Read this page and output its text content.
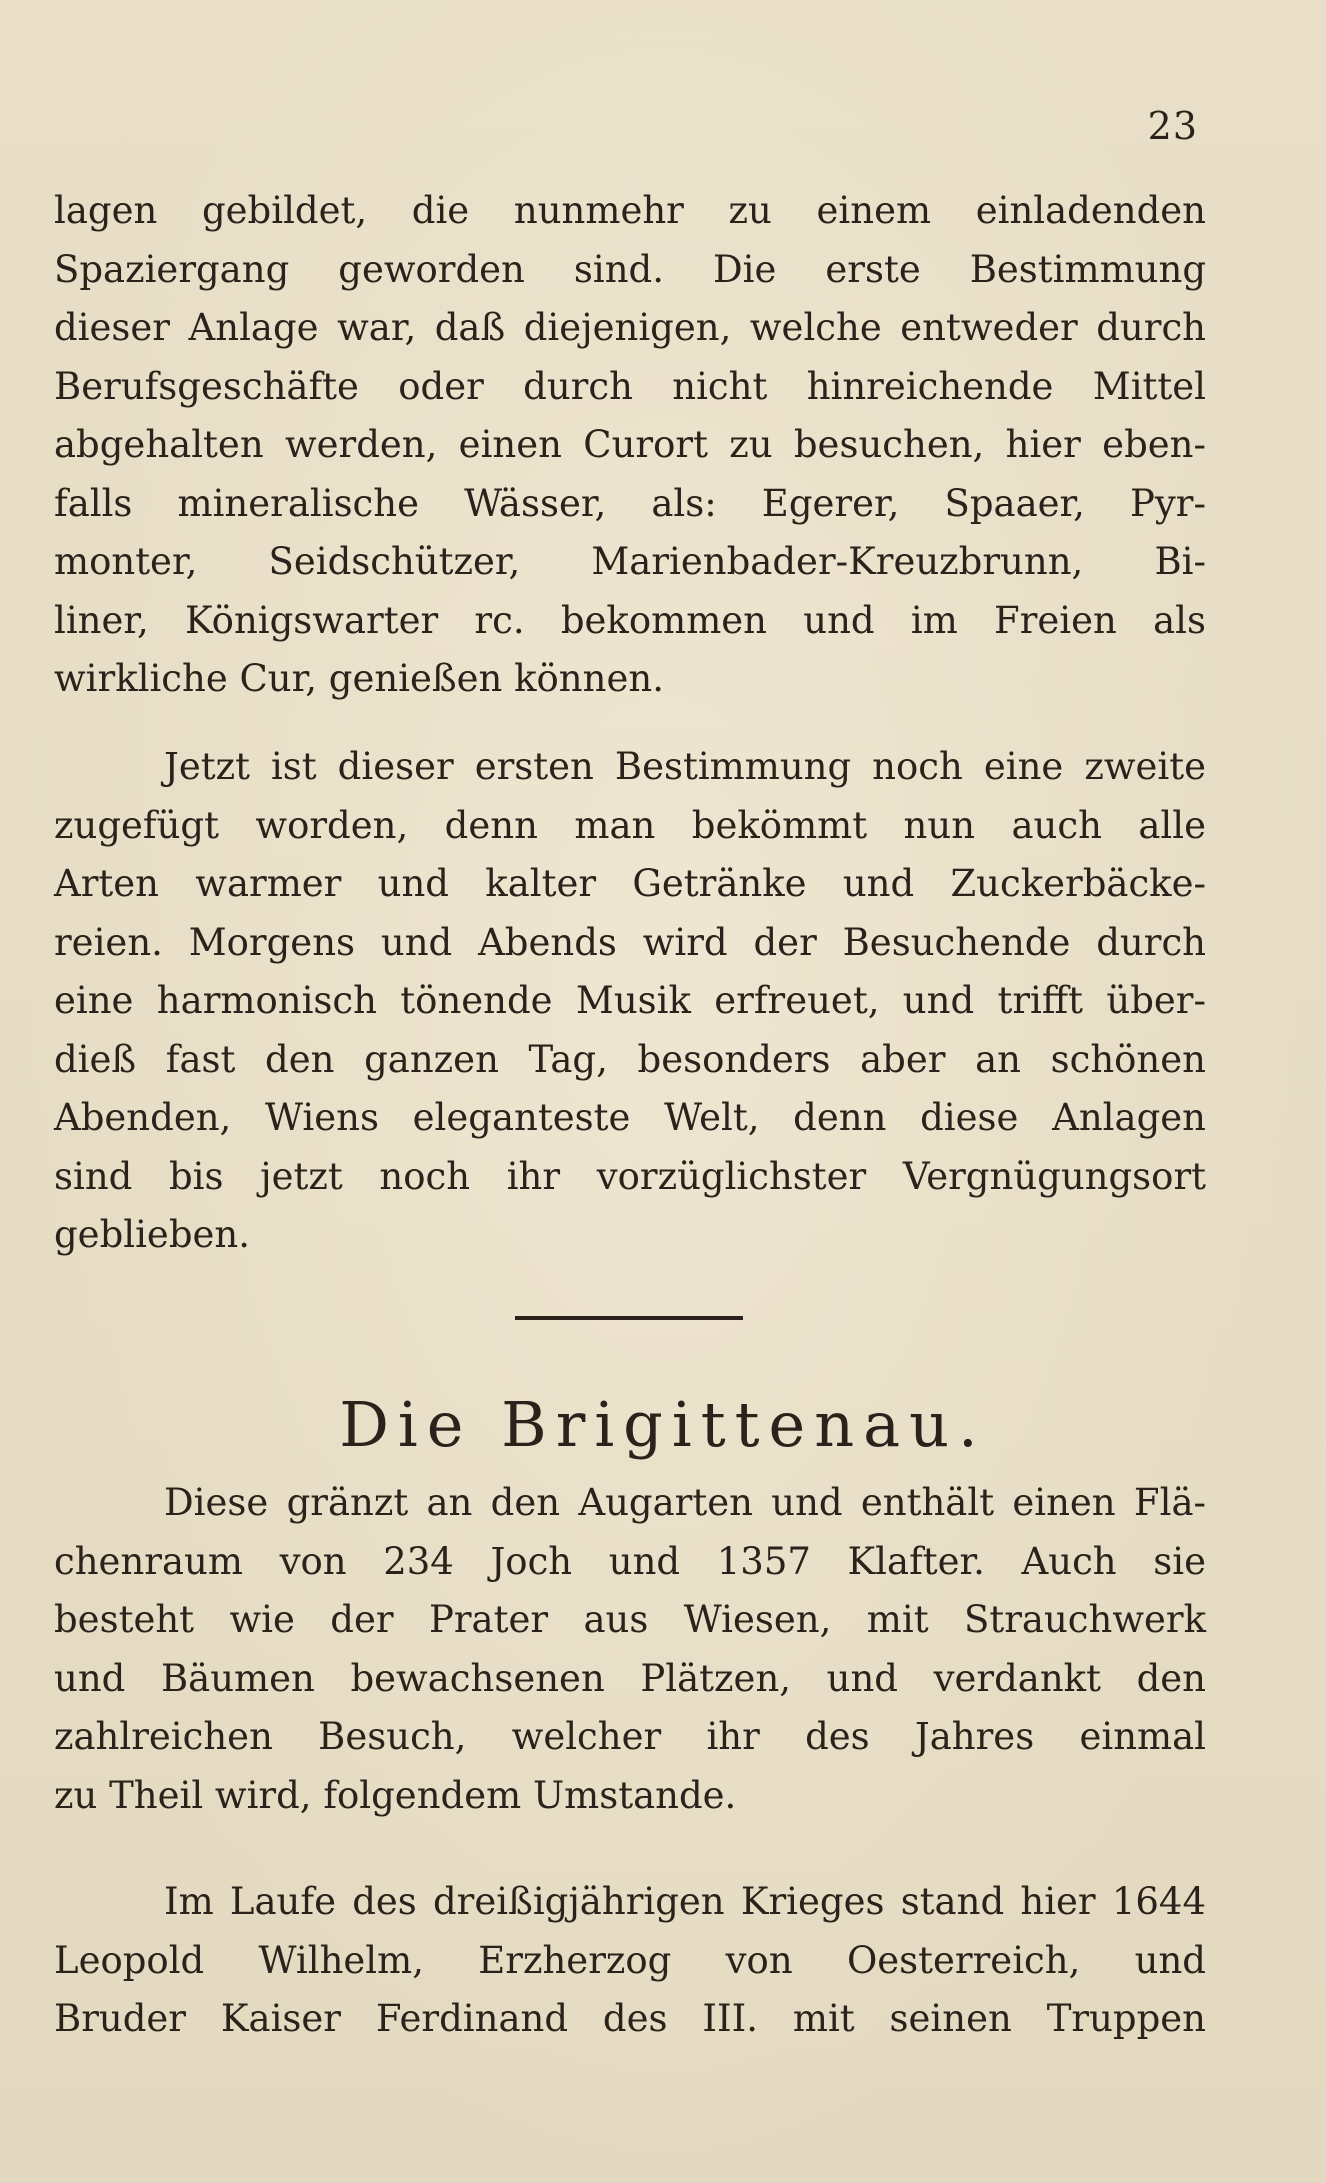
23
lagen gebildet, die nunmehr zu einem einladenden
Spaziergang geworden sind. Die erste Bestimmung
dieser Anlage war, daß diejenigen, welche entweder durch
Berufsgeschäfte oder durch nicht hinreichende Mittel
abgehalten werden, einen Curort zu besuchen, hier eben-
falls mineralische Wässer, als: Egerer, Spaaer, Pyr-
monter, Seidschützer, Marienbader-Kreuzbrunn, Bi-
liner, Königswarter rc. bekommen und im Freien als
wirkliche Cur, genießen können.
Jetzt ist dieser ersten Bestimmung noch eine zweite
zugefügt worden, denn man bekömmt nun auch alle
Arten warmer und kalter Getränke und Zuckerbäcke-
reien. Morgens und Abends wird der Besuchende durch
eine harmonisch tönende Musik erfreuet, und trifft über-
dieß fast den ganzen Tag, besonders aber an schönen
Abenden, Wiens eleganteste Welt, denn diese Anlagen
sind bis jetzt noch ihr vorzüglichster Vergnügungsort
geblieben.
Die Brigittenau.
Diese gränzt an den Augarten und enthält einen Flä-
chenraum von 234 Joch und 1357 Klafter. Auch sie
besteht wie der Prater aus Wiesen, mit Strauchwerk
und Bäumen bewachsenen Plätzen, und verdankt den
zahlreichen Besuch, welcher ihr des Jahres einmal
zu Theil wird, folgendem Umstande.
Im Laufe des dreißigjährigen Krieges stand hier 1644
Leopold Wilhelm, Erzherzog von Oesterreich, und
Bruder Kaiser Ferdinand des III. mit seinen Truppen
